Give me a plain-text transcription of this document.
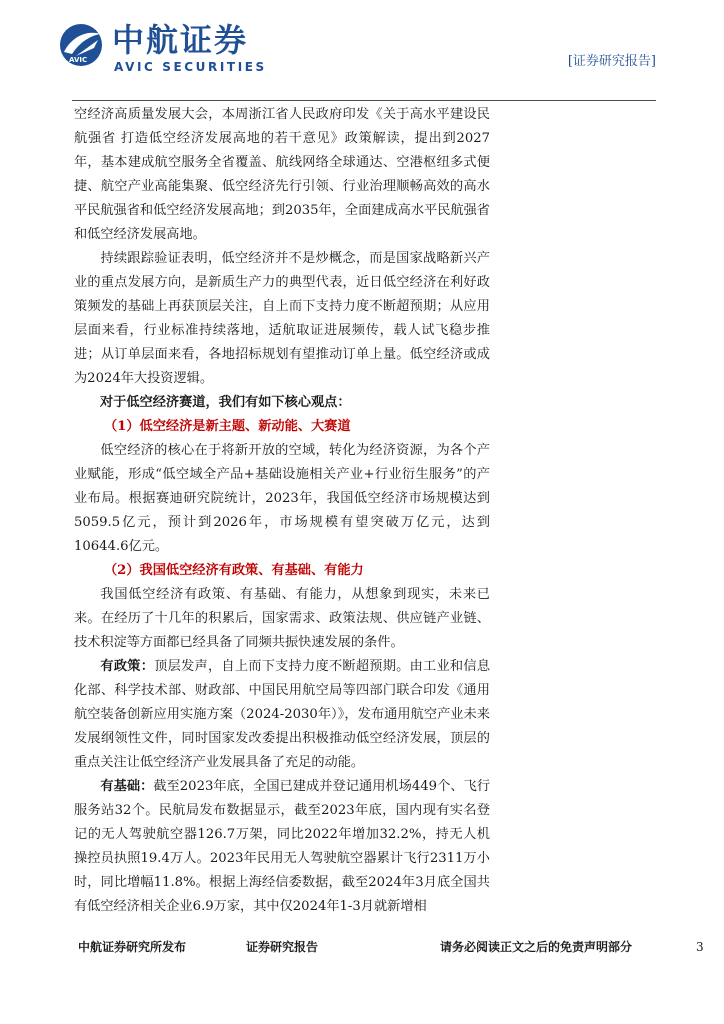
AVIC
中航证券
AVIC SECURITIES	[证券研究报告]

空经济高质量发展大会，本周浙江省人民政府印发《关于高水平建设民航强省 打造低空经济发展高地的若干意见》政策解读，提出到2027年，基本建成航空服务全省覆盖、航线网络全球通达、空港枢纽多式便捷、航空产业高能集聚、低空经济先行引领、行业治理顺畅高效的高水平民航强省和低空经济发展高地；到2035年，全面建成高水平民航强省和低空经济发展高地。

持续跟踪验证表明，低空经济并不是炒概念，而是国家战略新兴产业的重点发展方向，是新质生产力的典型代表，近日低空经济在利好政策频发的基础上再获顶层关注，自上而下支持力度不断超预期；从应用层面来看，行业标准持续落地，适航取证进展频传，载人试飞稳步推进；从订单层面来看，各地招标规划有望推动订单上量。低空经济或成为2024年大投资逻辑。

对于低空经济赛道，我们有如下核心观点：

（1）低空经济是新主题、新动能、大赛道

低空经济的核心在于将新开放的空域，转化为经济资源，为各个产业赋能，形成“低空域全产品+基础设施相关产业+行业衍生服务”的产业布局。根据赛迪研究院统计，2023年，我国低空经济市场规模达到5059.5亿元，预计到2026年，市场规模有望突破万亿元，达到10644.6亿元。

（2）我国低空经济有政策、有基础、有能力

我国低空经济有政策、有基础、有能力，从想象到现实，未来已来。在经历了十几年的积累后，国家需求、政策法规、供应链产业链、技术积淀等方面都已经具备了同频共振快速发展的条件。

有政策：顶层发声，自上而下支持力度不断超预期。由工业和信息化部、科学技术部、财政部、中国民用航空局等四部门联合印发《通用航空装备创新应用实施方案（2024-2030年）》，发布通用航空产业未来发展纲领性文件，同时国家发改委提出积极推动低空经济发展，顶层的重点关注让低空经济产业发展具备了充足的动能。

有基础：截至2023年底，全国已建成并登记通用机场449个、飞行服务站32个。民航局发布数据显示，截至2023年底，国内现有实名登记的无人驾驶航空器126.7万架，同比2022年增加32.2%，持无人机操控员执照19.4万人。2023年民用无人驾驶航空器累计飞行2311万小时，同比增幅11.8%。根据上海经信委数据，截至2024年3月底全国共有低空经济相关企业6.9万家，其中仅2024年1-3月就新增相

中航证券研究所发布	证券研究报告	请务必阅读正文之后的免责声明部分	3
